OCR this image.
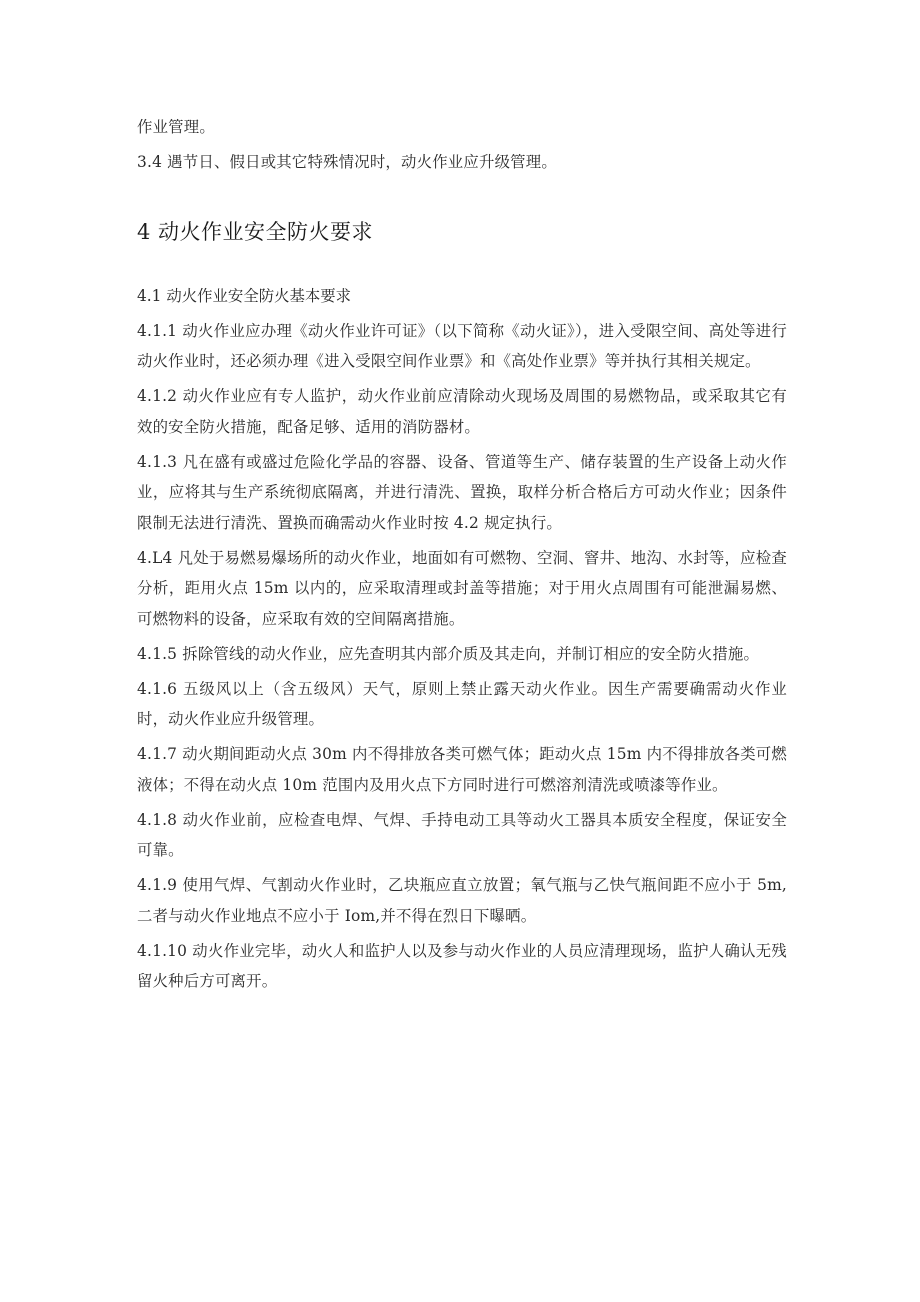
作业管理。

3.4 遇节日、假日或其它特殊情况时，动火作业应升级管理。

4 动火作业安全防火要求

4.1 动火作业安全防火基本要求

4.1.1 动火作业应办理《动火作业许可证》（以下简称《动火证》），进入受限空间、高处等进行动火作业时，还必须办理《进入受限空间作业票》和《高处作业票》等并执行其相关规定。

4.1.2 动火作业应有专人监护，动火作业前应清除动火现场及周围的易燃物品，或采取其它有效的安全防火措施，配备足够、适用的消防器材。

4.1.3 凡在盛有或盛过危险化学品的容器、设备、管道等生产、储存装置的生产设备上动火作业，应将其与生产系统彻底隔离，并进行清洗、置换，取样分析合格后方可动火作业；因条件限制无法进行清洗、置换而确需动火作业时按 4.2 规定执行。

4.L4 凡处于易燃易爆场所的动火作业，地面如有可燃物、空洞、窨井、地沟、水封等，应检查分析，距用火点 15m 以内的，应采取清理或封盖等措施；对于用火点周围有可能泄漏易燃、可燃物料的设备，应采取有效的空间隔离措施。

4.1.5 拆除管线的动火作业，应先查明其内部介质及其走向，并制订相应的安全防火措施。

4.1.6 五级风以上（含五级风）天气，原则上禁止露天动火作业。因生产需要确需动火作业时，动火作业应升级管理。

4.1.7 动火期间距动火点 30m 内不得排放各类可燃气体；距动火点 15m 内不得排放各类可燃液体；不得在动火点 10m 范围内及用火点下方同时进行可燃溶剂清洗或喷漆等作业。

4.1.8 动火作业前，应检查电焊、气焊、手持电动工具等动火工器具本质安全程度，保证安全可靠。

4.1.9 使用气焊、气割动火作业时，乙块瓶应直立放置；氧气瓶与乙快气瓶间距不应小于 5m,二者与动火作业地点不应小于 Iom,并不得在烈日下曝晒。

4.1.10 动火作业完毕，动火人和监护人以及参与动火作业的人员应清理现场，监护人确认无残留火种后方可离开。
